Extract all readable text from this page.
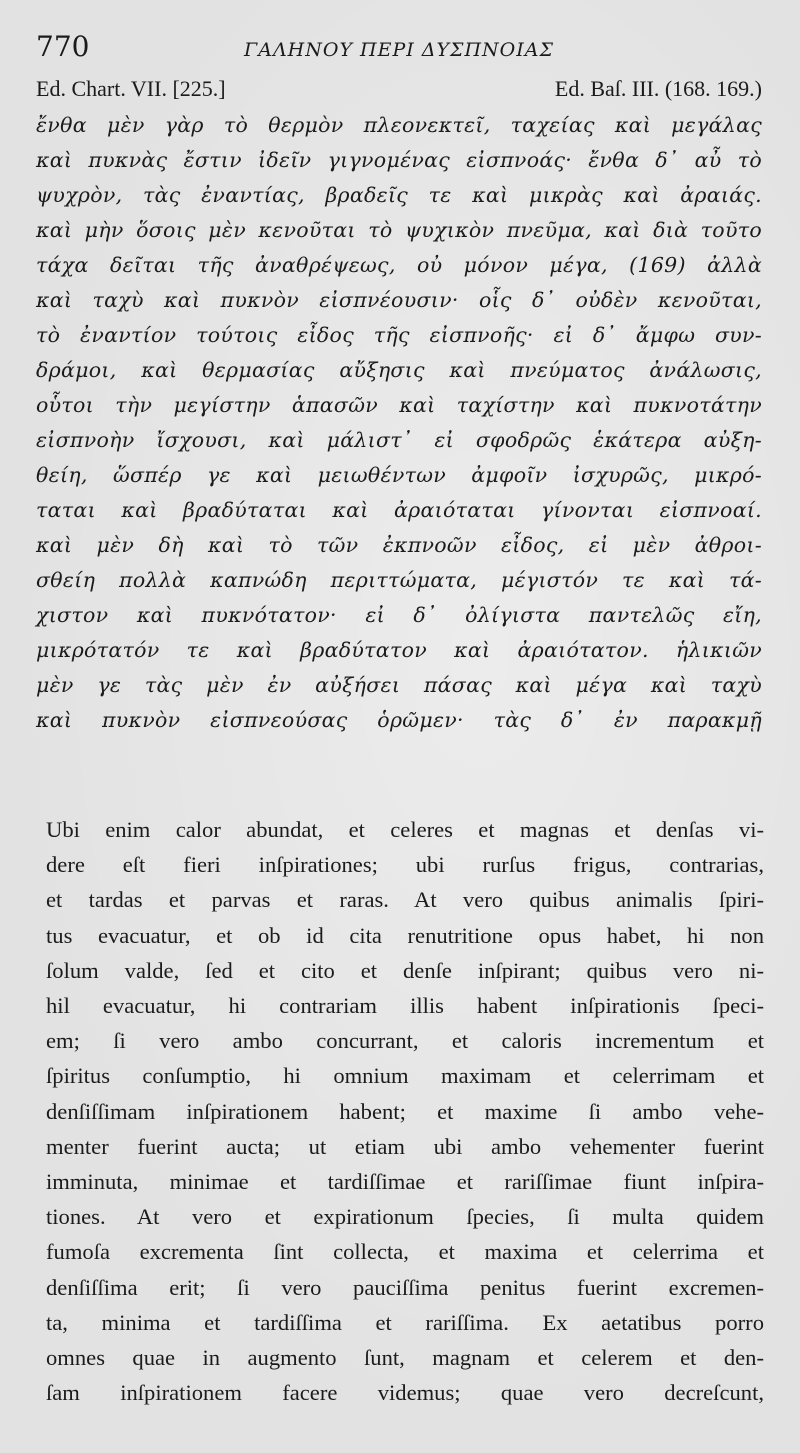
770	ΓΑΛΗΝΟΥ ΠΕΡΙ ΔΥΣΠΝΟΙΑΣ
Ed. Chart. VII. [225.]	Ed. Baſ. III. (168. 169.)
ἔνθα μὲν γὰρ τὸ θερμὸν πλεονεκτεῖ, ταχείας καὶ μεγάλας
καὶ πυκνὰς ἔστιν ἰδεῖν γιγνομένας εἰσπνοάς· ἔνθα δ᾽ αὖ τὸ
ψυχρὸν, τὰς ἐναντίας, βραδεῖς τε καὶ μικρὰς καὶ ἀραιάς.
καὶ μὴν ὅσοις μὲν κενοῦται τὸ ψυχικὸν πνεῦμα, καὶ διὰ τοῦτο
τάχα δεῖται τῆς ἀναθρέψεως, οὐ μόνον μέγα, (169) ἀλλὰ
καὶ ταχὺ καὶ πυκνὸν εἰσπνέουσιν· οἷς δ᾽ οὐδὲν κενοῦται,
τὸ ἐναντίον τούτοις εἶδος τῆς εἰσπνοῆς· εἰ δ᾽ ἄμφω συν-
δράμοι, καὶ θερμασίας αὔξησις καὶ πνεύματος ἀνάλωσις,
οὗτοι τὴν μεγίστην ἁπασῶν καὶ ταχίστην καὶ πυκνοτάτην
εἰσπνοὴν ἴσχουσι, καὶ μάλιστ᾽ εἰ σφοδρῶς ἑκάτερα αὐξη-
θείη, ὥσπέρ γε καὶ μειωθέντων ἀμφοῖν ἰσχυρῶς, μικρό-
ταται καὶ βραδύταται καὶ ἀραιόταται γίνονται εἰσπνοαί.
καὶ μὲν δὴ καὶ τὸ τῶν ἐκπνοῶν εἶδος, εἰ μὲν ἀθροι-
σθείη πολλὰ καπνώδη περιττώματα, μέγιστόν τε καὶ τά-
χιστον καὶ πυκνότατον· εἰ δ᾽ ὀλίγιστα παντελῶς εἴη,
μικρότατόν τε καὶ βραδύτατον καὶ ἀραιότατον. ἡλικιῶν
μὲν γε τὰς μὲν ἐν αὐξήσει πάσας καὶ μέγα καὶ ταχὺ
καὶ πυκνὸν εἰσπνεούσας ὁρῶμεν· τὰς δ᾽ ἐν παρακμῇ
Ubi enim calor abundat, et celeres et magnas et denſas vi-
dere eſt fieri inſpirationes; ubi rurſus frigus, contrarias,
et tardas et parvas et raras. At vero quibus animalis ſpiri-
tus evacuatur, et ob id cita renutritione opus habet, hi non
ſolum valde, ſed et cito et denſe inſpirant; quibus vero ni-
hil evacuatur, hi contrariam illis habent inſpirationis ſpeci-
em; ſi vero ambo concurrant, et caloris incrementum et
ſpiritus conſumptio, hi omnium maximam et celerrimam et
denſiſſimam inſpirationem habent; et maxime ſi ambo vehe-
menter fuerint aucta; ut etiam ubi ambo vehementer fuerint
imminuta, minimae et tardiſſimae et rariſſimae fiunt inſpira-
tiones. At vero et expirationum ſpecies, ſi multa quidem
fumoſa excrementa ſint collecta, et maxima et celerrima et
denſiſſima erit; ſi vero pauciſſima penitus fuerint excremen-
ta, minima et tardiſſima et rariſſima. Ex aetatibus porro
omnes quae in augmento ſunt, magnam et celerem et den-
ſam inſpirationem facere videmus; quae vero decreſcunt,
